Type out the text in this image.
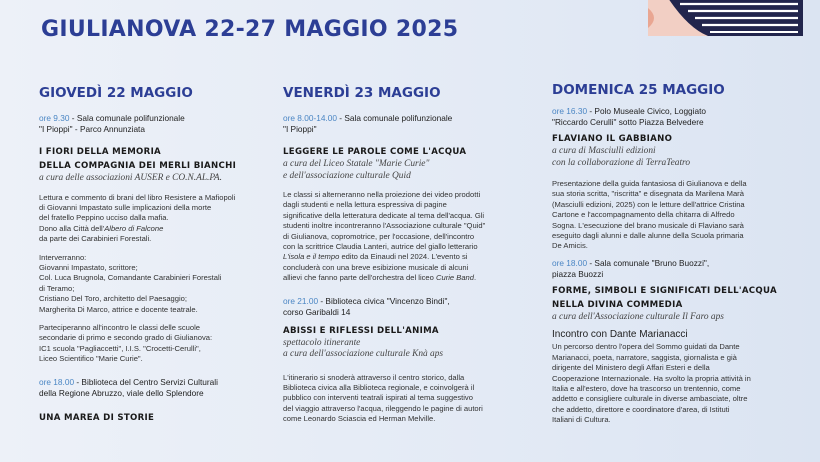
GIULIANOVA 22-27 MAGGIO 2025

GIOVEDÌ 22 MAGGIO

ore 9.30 - Sala comunale polifunzionale

"I Pioppi" - Parco Annunziata

I FIORI DELLA MEMORIA

DELLA COMPAGNIA DEI MERLI BIANCHI

a cura delle associazioni AUSER e CO.N.AL.PA.

Lettura e commento di brani del libro Resistere a Mafiopoli

di Giovanni Impastato sulle implicazioni della morte

del fratello Peppino ucciso dalla mafia.

Dono alla Città dell'Albero di Falcone

da parte dei Carabinieri Forestali.

Interverranno:

Giovanni Impastato, scrittore;

Col. Luca Brugnola, Comandante Carabinieri Forestali

di Teramo;

Cristiano Del Toro, architetto del Paesaggio;

Margherita Di Marco, attrice e docente teatrale.

Parteciperanno all'incontro le classi delle scuole

secondarie di primo e secondo grado di Giulianova:

IC1 scuola "Pagliaccetti", I.I.S. "Crocetti-Cerulli",

Liceo Scientifico "Marie Curie".

ore 18.00 - Biblioteca del Centro Servizi Culturali

della Regione Abruzzo, viale dello Splendore

UNA MAREA DI STORIE

VENERDÌ 23 MAGGIO

ore 8.00-14.00 - Sala comunale polifunzionale

"I Pioppi"

LEGGERE LE PAROLE COME L'ACQUA

a cura del Liceo Statale "Marie Curie"

e dell'associazione culturale Quid

Le classi si alterneranno nella proiezione dei video prodotti

dagli studenti e nella lettura espressiva di pagine

significative della letteratura dedicate al tema dell'acqua. Gli

studenti inoltre incontreranno l'Associazione culturale "Quid"

di Giulianova, copromotrice, per l'occasione, dell'incontro

con la scrittrice Claudia Lanteri, autrice del giallo letterario

L'isola e il tempo edito da Einaudi nel 2024. L'evento si

concluderà con una breve esibizione musicale di alcuni

allievi che fanno parte dell'orchestra del liceo Curie Band.

ore 21.00 - Biblioteca civica "Vincenzo Bindi",

corso Garibaldi 14

ABISSI E RIFLESSI DELL'ANIMA

spettacolo itinerante

a cura dell'associazione culturale Knà aps

L'itinerario si snoderà attraverso il centro storico, dalla

Biblioteca civica alla Biblioteca regionale, e coinvolgerà il

pubblico con interventi teatrali ispirati al tema suggestivo

del viaggio attraverso l'acqua, rileggendo le pagine di autori

come Leonardo Sciascia ed Herman Melville.

DOMENICA 25 MAGGIO

ore 16.30 - Polo Museale Civico, Loggiato

"Riccardo Cerulli" sotto Piazza Belvedere

FLAVIANO IL GABBIANO

a cura di Masciulli edizioni

con la collaborazione di TerraTeatro

Presentazione della guida fantasiosa di Giulianova e della

sua storia scritta, "riscritta" e disegnata da Marilena Marà

(Masciulli edizioni, 2025) con le letture dell'attrice Cristina

Cartone e l'accompagnamento della chitarra di Alfredo

Sogna. L'esecuzione del brano musicale di Flaviano sarà

eseguito dagli alunni e dalle alunne della Scuola primaria

De Amicis.

ore 18.00 - Sala comunale "Bruno Buozzi",

piazza Buozzi

FORME, SIMBOLI E SIGNIFICATI DELL'ACQUA

NELLA DIVINA COMMEDIA

a cura dell'Associazione culturale Il Faro aps

Incontro con Dante Marianacci

Un percorso dentro l'opera del Sommo guidati da Dante

Marianacci, poeta, narratore, saggista, giornalista e già

dirigente del Ministero degli Affari Esteri e della

Cooperazione Internazionale. Ha svolto la propria attività in

Italia e all'estero, dove ha trascorso un trentennio, come

addetto e consigliere culturale in diverse ambasciate, oltre

che addetto, direttore e coordinatore d'area, di Istituti

Italiani di Cultura.
